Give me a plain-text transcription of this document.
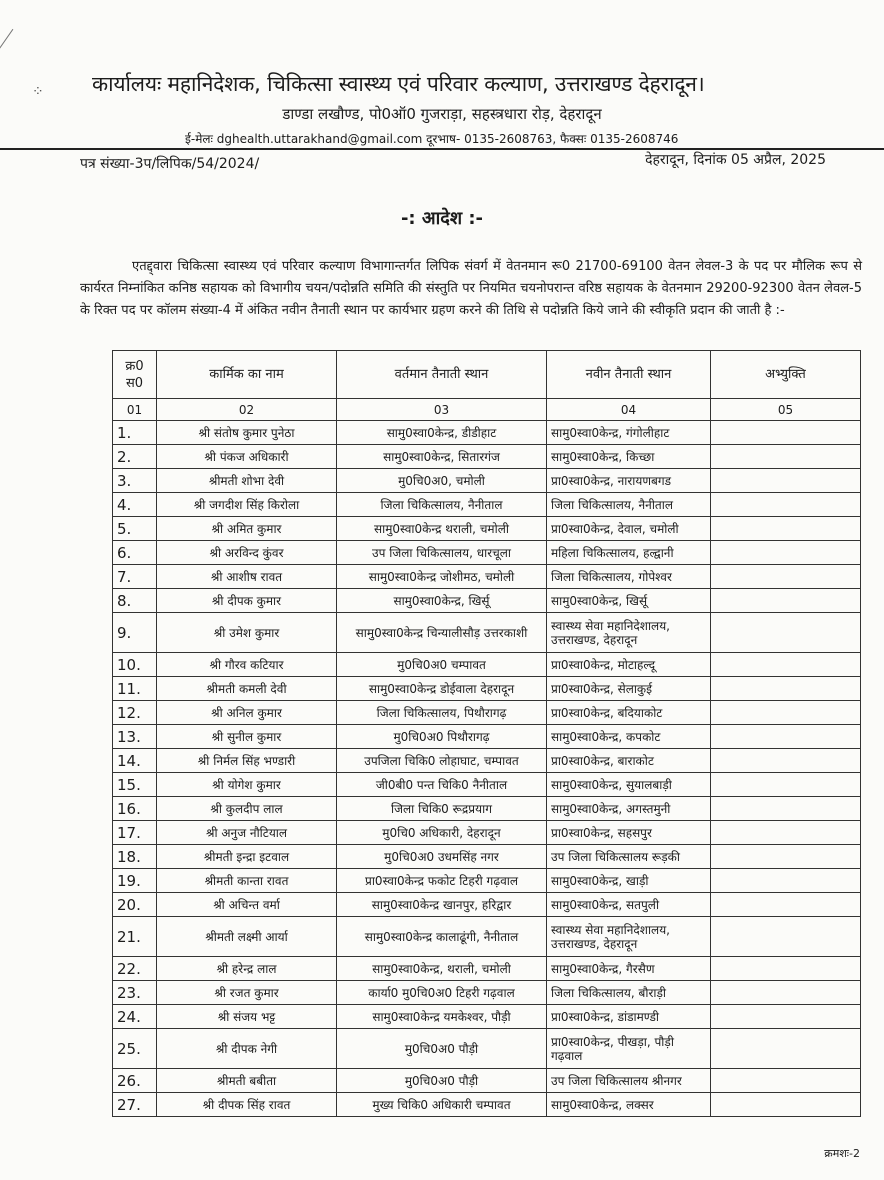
⁘ कार्यालयः महानिदेशक, चिकित्सा स्वास्थ्य एवं परिवार कल्याण, उत्तराखण्ड देहरादून।
डाण्डा लखौण्ड, पो0ऑ0 गुजराड़ा, सहस्त्रधारा रोड़, देहरादून
ई-मेलः dghealth.uttarakhand@gmail.com दूरभाष- 0135-2608763, फैक्सः 0135-2608746
पत्र संख्या-3प/लिपिक/54/2024/	देहरादून, दिनांक 05 अप्रैल, 2025
-: आदेश :-
एतद्द्वारा चिकित्सा स्वास्थ्य एवं परिवार कल्याण विभागान्तर्गत लिपिक संवर्ग में वेतनमान रू0 21700-69100 वेतन लेवल-3 के पद पर मौलिक रूप से कार्यरत निम्नांकित कनिष्ठ सहायक को विभागीय चयन/पदोन्नति समिति की संस्तुति पर नियमित चयनोपरान्त वरिष्ठ सहायक के वेतनमान 29200-92300 वेतन लेवल-5 के रिक्त पद पर कॉलम संख्या-4 में अंकित नवीन तैनाती स्थान पर कार्यभार ग्रहण करने की तिथि से पदोन्नति किये जाने की स्वीकृति प्रदान की जाती है :-
क्र0 स0	कार्मिक का नाम	वर्तमान तैनाती स्थान	नवीन तैनाती स्थान	अभ्युक्ति
01	02	03	04	05
1.	श्री संतोष कुमार पुनेठा	सामु0स्वा0केन्द्र, डीडीहाट	सामु0स्वा0केन्द्र, गंगोलीहाट	
2.	श्री पंकज अधिकारी	सामु0स्वा0केन्द्र, सितारगंज	सामु0स्वा0केन्द्र, किच्छा	
3.	श्रीमती शोभा देवी	मु0चि0अ0, चमोली	प्रा0स्वा0केन्द्र, नारायणबगड	
4.	श्री जगदीश सिंह किरोला	जिला चिकित्सालय, नैनीताल	जिला चिकित्सालय, नैनीताल	
5.	श्री अमित कुमार	सामु0स्वा0केन्द्र थराली, चमोली	प्रा0स्वा0केन्द्र, देवाल, चमोली	
6.	श्री अरविन्द कुंवर	उप जिला चिकित्सालय, धारचूला	महिला चिकित्सालय, हल्द्वानी	
7.	श्री आशीष रावत	सामु0स्वा0केन्द्र जोशीमठ, चमोली	जिला चिकित्सालय, गोपेश्वर	
8.	श्री दीपक कुमार	सामु0स्वा0केन्द्र, खिर्सू	सामु0स्वा0केन्द्र, खिर्सू	
9.	श्री उमेश कुमार	सामु0स्वा0केन्द्र चिन्यालीसौड़ उत्तरकाशी	स्वास्थ्य सेवा महानिदेशालय, उत्तराखण्ड, देहरादून	
10.	श्री गौरव कटियार	मु0चि0अ0 चम्पावत	प्रा0स्वा0केन्द्र, मोटाहल्दू	
11.	श्रीमती कमली देवी	सामु0स्वा0केन्द्र डोईवाला देहरादून	प्रा0स्वा0केन्द्र, सेलाकुई	
12.	श्री अनिल कुमार	जिला चिकित्सालय, पिथौरागढ़	प्रा0स्वा0केन्द्र, बदियाकोट	
13.	श्री सुनील कुमार	मु0चि0अ0 पिथौरागढ़	सामु0स्वा0केन्द्र, कपकोट	
14.	श्री निर्मल सिंह भण्डारी	उपजिला चिकि0 लोहाघाट, चम्पावत	प्रा0स्वा0केन्द्र, बाराकोट	
15.	श्री योगेश कुमार	जी0बी0 पन्त चिकि0 नैनीताल	सामु0स्वा0केन्द्र, सुयालबाड़ी	
16.	श्री कुलदीप लाल	जिला चिकि0 रूद्रप्रयाग	सामु0स्वा0केन्द्र, अगस्तमुनी	
17.	श्री अनुज नौटियाल	मु0चि0 अधिकारी, देहरादून	प्रा0स्वा0केन्द्र, सहसपुर	
18.	श्रीमती इन्द्रा इटवाल	मु0चि0अ0 उधमसिंह नगर	उप जिला चिकित्सालय रूड़की	
19.	श्रीमती कान्ता रावत	प्रा0स्वा0केन्द्र फकोट टिहरी गढ़वाल	सामु0स्वा0केन्द्र, खाड़ी	
20.	श्री अचिन्त वर्मा	सामु0स्वा0केन्द्र खानपुर, हरिद्वार	सामु0स्वा0केन्द्र, सतपुली	
21.	श्रीमती लक्ष्मी आर्या	सामु0स्वा0केन्द्र कालाढूंगी, नैनीताल	स्वास्थ्य सेवा महानिदेशालय, उत्तराखण्ड, देहरादून	
22.	श्री हरेन्द्र लाल	सामु0स्वा0केन्द्र, थराली, चमोली	सामु0स्वा0केन्द्र, गैरसैण	
23.	श्री रजत कुमार	कार्या0 मु0चि0अ0 टिहरी गढ़वाल	जिला चिकित्सालय, बौराड़ी	
24.	श्री संजय भट्ट	सामु0स्वा0केन्द्र यमकेश्वर, पौड़ी	प्रा0स्वा0केन्द्र, डांडामण्डी	
25.	श्री दीपक नेगी	मु0चि0अ0 पौड़ी	प्रा0स्वा0केन्द्र, पीखड़ा, पौड़ी गढ़वाल	
26.	श्रीमती बबीता	मु0चि0अ0 पौड़ी	उप जिला चिकित्सालय श्रीनगर	
27.	श्री दीपक सिंह रावत	मुख्य चिकि0 अधिकारी चम्पावत	सामु0स्वा0केन्द्र, लक्सर	
क्रमशः-2
